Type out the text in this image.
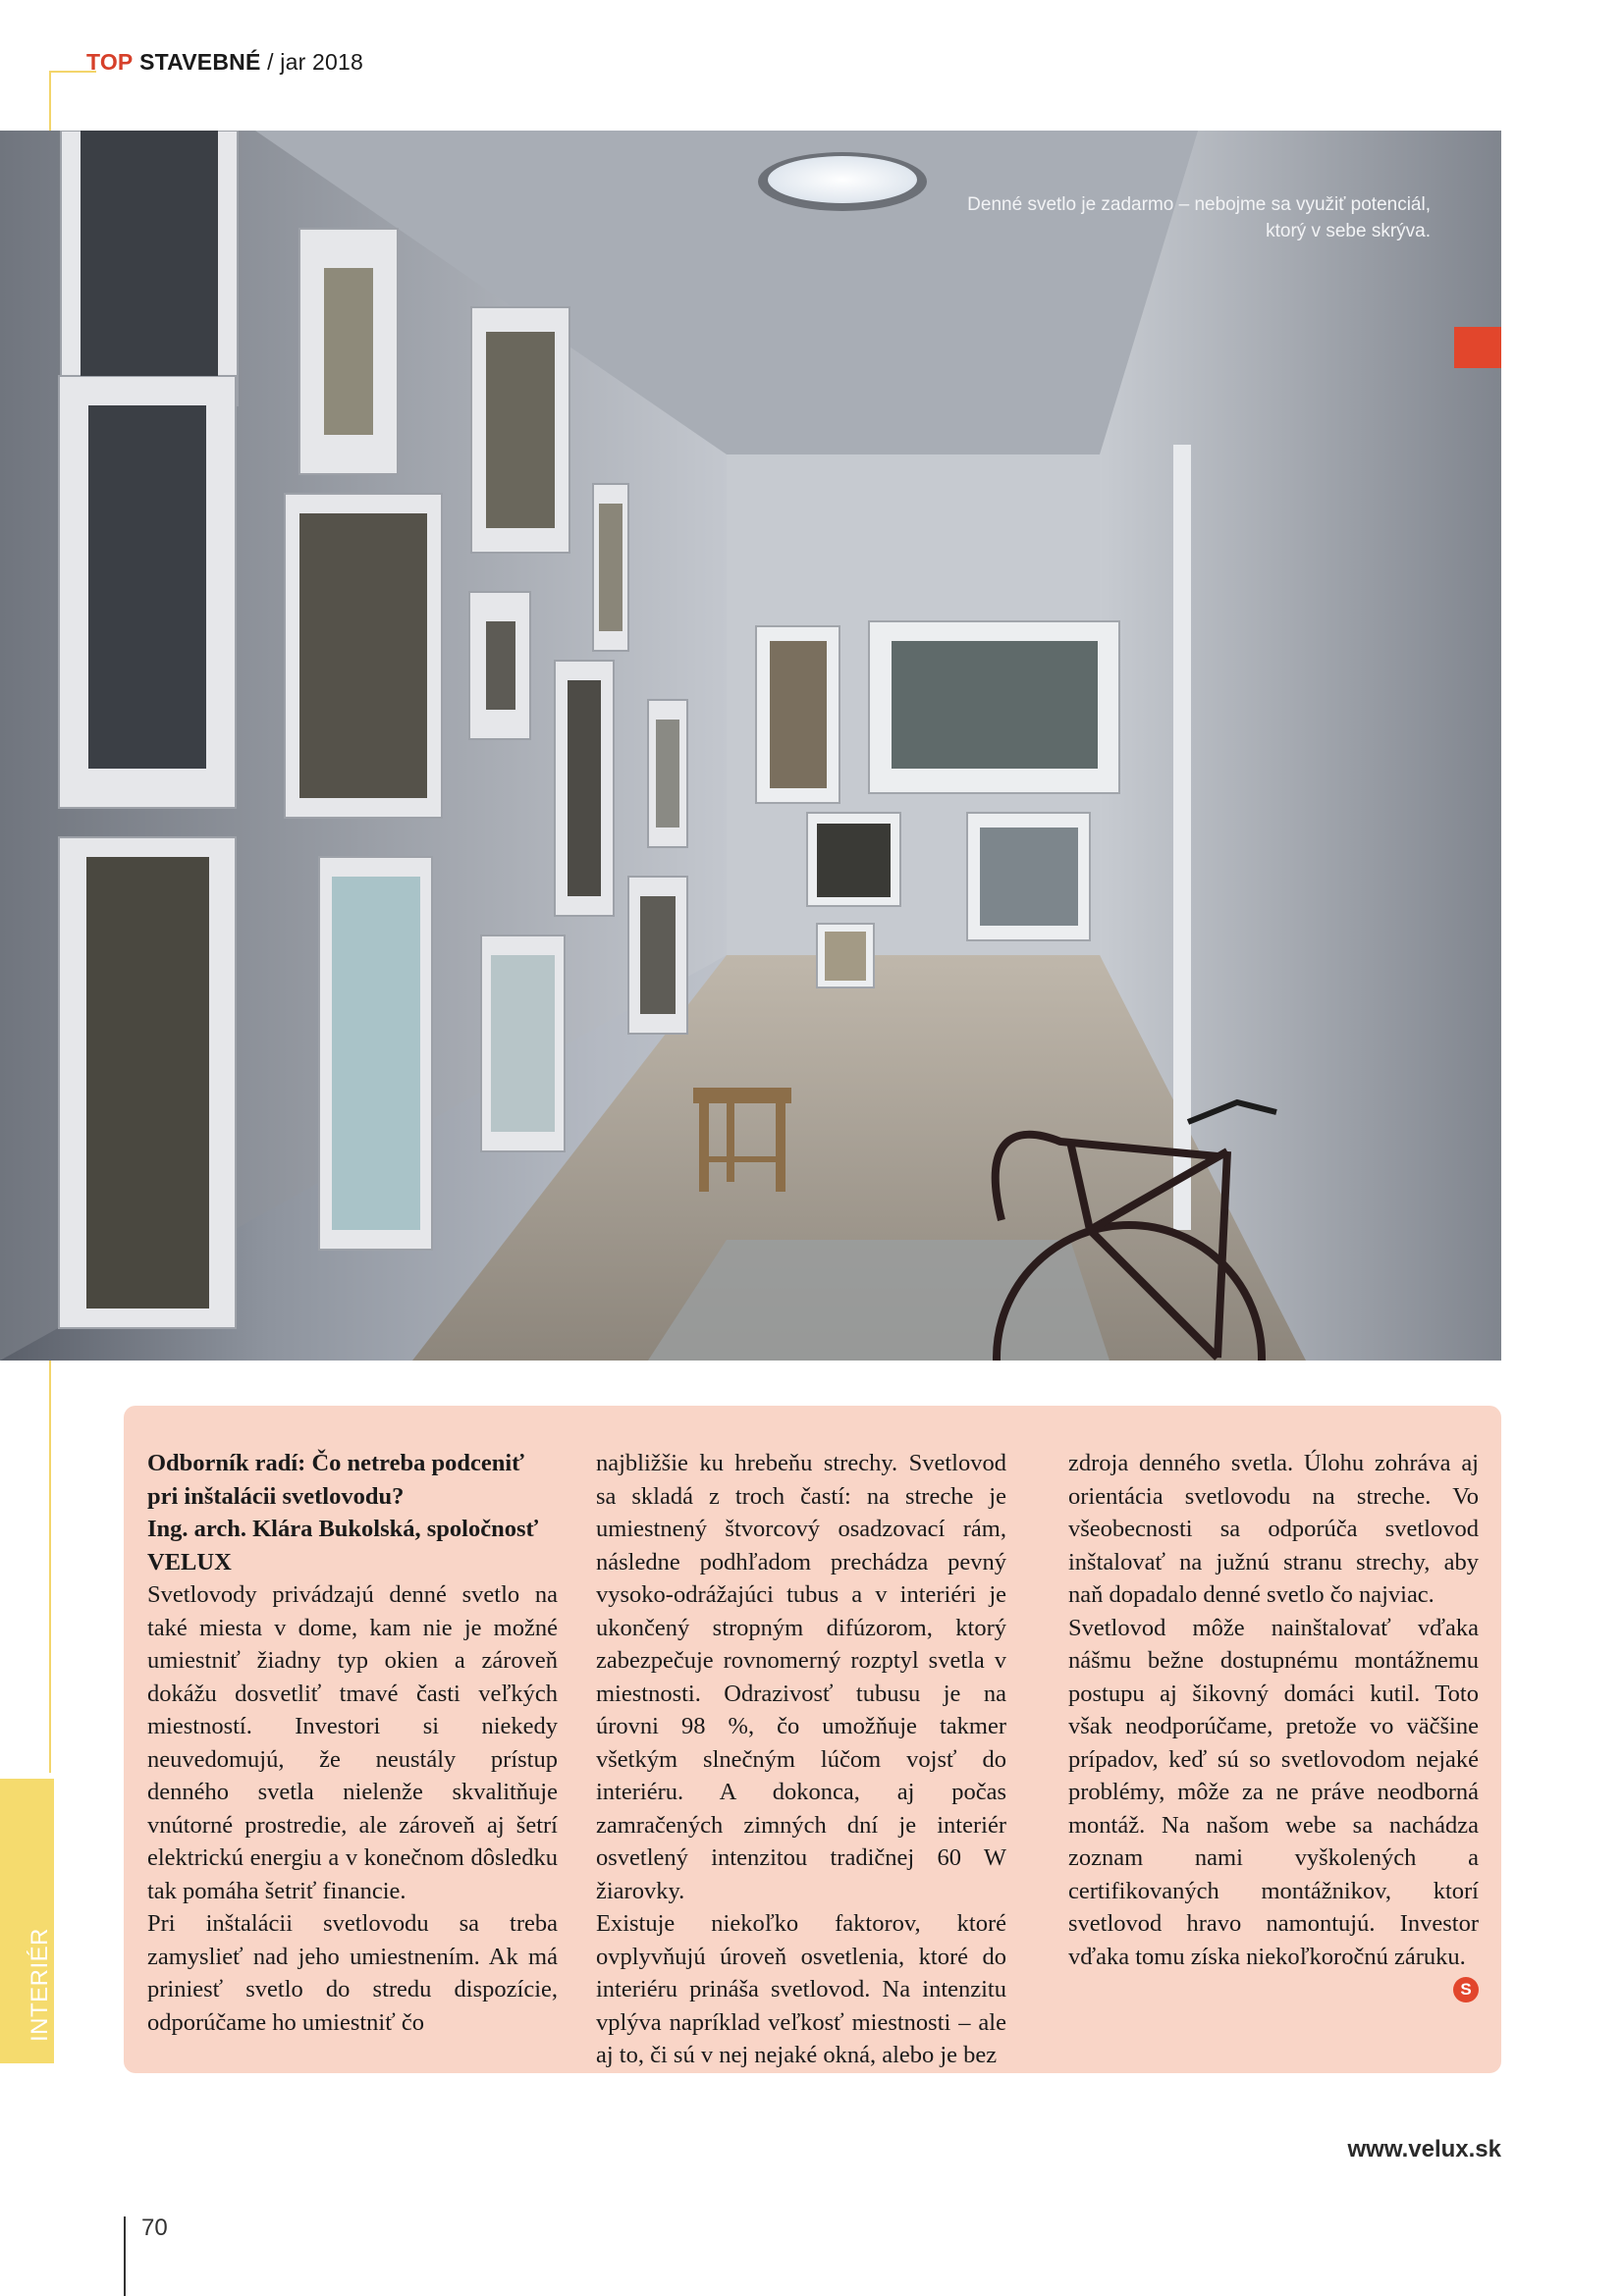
TOP STAVEBNÉ / jar 2018
Denné svetlo je zadarmo – nebojme sa využiť potenciál,
ktorý v sebe skrýva.

Odborník radí: Čo netreba podceniť pri inštalácii svetlovodu?

Ing. arch. Klára Bukolská, spoločnosť VELUX

Svetlovody privádzajú denné svetlo na také miesta v dome, kam nie je možné umiestniť žiadny typ okien a zároveň dokážu dosvetliť tmavé časti veľkých miestností. Investori si niekedy neuvedomujú, že neustály prístup denného svetla nielenže skvalitňuje vnútorné prostredie, ale zároveň aj šetrí elektrickú energiu a v konečnom dôsledku tak pomáha šetriť financie.

Pri inštalácii svetlovodu sa treba zamyslieť nad jeho umiestnením. Ak má priniesť svetlo do stredu dispozície, odporúčame ho umiestniť čo

najbližšie ku hrebeňu strechy. Svetlovod sa skladá z troch častí: na streche je umiestnený štvorcový osadzovací rám, následne podhľadom prechádza pevný vysoko-odrážajúci tubus a v interiéri je ukončený stropným difúzorom, ktorý zabezpečuje rovnomerný rozptyl svetla v miestnosti. Odrazivosť tubusu je na úrovni 98 %, čo umožňuje takmer všetkým slnečným lúčom vojsť do interiéru. A dokonca, aj počas zamračených zimných dní je interiér osvetlený intenzitou tradičnej 60 W žiarovky.

Existuje niekoľko faktorov, ktoré ovplyvňujú úroveň osvetlenia, ktoré do interiéru prináša svetlovod. Na intenzitu vplýva napríklad veľkosť miestnosti – ale aj to, či sú v nej nejaké okná, alebo je bez

zdroja denného svetla. Úlohu zohráva aj orientácia svetlovodu na streche. Vo všeobecnosti sa odporúča svetlovod inštalovať na južnú stranu strechy, aby naň dopadalo denné svetlo čo najviac.

Svetlovod môže nainštalovať vďaka nášmu bežne dostupnému montážnemu postupu aj šikovný domáci kutil. Toto však neodporúčame, pretože vo väčšine prípadov, keď sú so svetlovodom nejaké problémy, môže za ne práve neodborná montáž. Na našom webe sa nachádza zoznam nami vyškolených a certifikovaných montážnikov, ktorí svetlovod hravo namontujú. Investor vďaka tomu získa niekoľkoročnú záruku.
S

INTERIÉR
www.velux.sk
70
